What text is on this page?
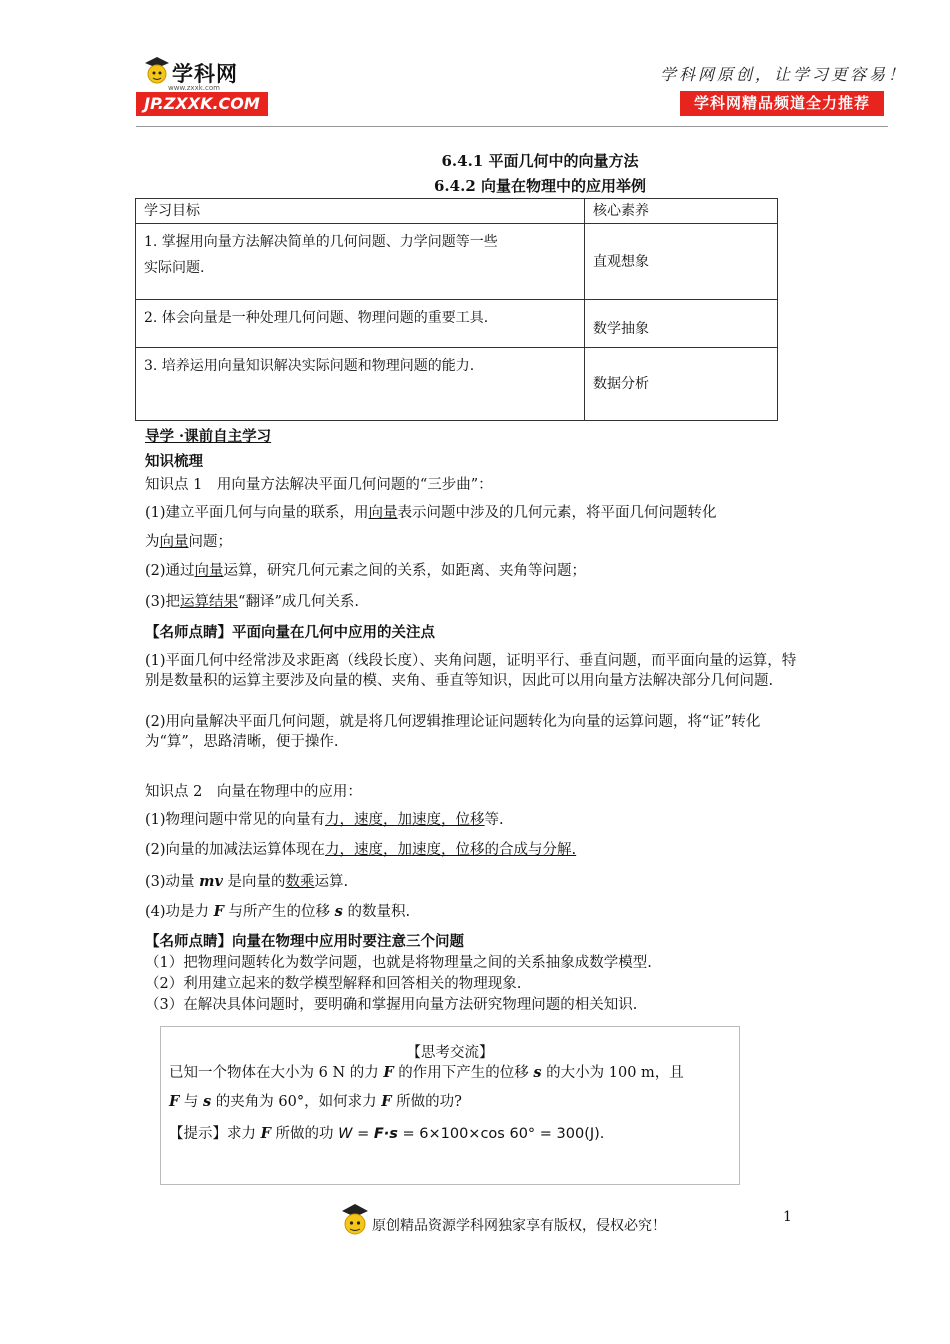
学科网
www.zxxk.com
JP.ZXXK.COM
学科网原创，让学习更容易！
学科网精品频道全力推荐
6.4.1 平面几何中的向量方法
6.4.2 向量在物理中的应用举例
学习目标	核心素养
1. 掌握用向量方法解决简单的几何问题、力学问题等一些
实际问题.	直观想象
2. 体会向量是一种处理几何问题、物理问题的重要工具.	数学抽象
3. 培养运用向量知识解决实际问题和物理问题的能力.	数据分析
导学 ·课前自主学习
知识梳理
知识点 1　用向量方法解决平面几何问题的“三步曲”：
(1)建立平面几何与向量的联系，用向量表示问题中涉及的几何元素，将平面几何问题转化
为向量问题；
(2)通过向量运算，研究几何元素之间的关系，如距离、夹角等问题；
(3)把运算结果“翻译”成几何关系.
【名师点睛】平面向量在几何中应用的关注点
(1)平面几何中经常涉及求距离（线段长度）、夹角问题，证明平行、垂直问题，而平面向量的运算，特别是数量积的运算主要涉及向量的模、夹角、垂直等知识，因此可以用向量方法解决部分几何问题.
(2)用向量解决平面几何问题，就是将几何逻辑推理论证问题转化为向量的运算问题，将“证”转化为“算”，思路清晰，便于操作.
知识点 2　向量在物理中的应用：
(1)物理问题中常见的向量有力，速度，加速度，位移等.
(2)向量的加减法运算体现在力，速度，加速度，位移的合成与分解.
(3)动量 mv 是向量的数乘运算.
(4)功是力 F 与所产生的位移 s 的数量积.
【名师点睛】向量在物理中应用时要注意三个问题
（1）把物理问题转化为数学问题，也就是将物理量之间的关系抽象成数学模型.
（2）利用建立起来的数学模型解释和回答相关的物理现象.
（3）在解决具体问题时，要明确和掌握用向量方法研究物理问题的相关知识.
【思考交流】
已知一个物体在大小为 6 N 的力 F 的作用下产生的位移 s 的大小为 100 m，且
F 与 s 的夹角为 60°，如何求力 F 所做的功?
【提示】求力 F 所做的功 W = F·s = 6×100×cos 60° = 300(J).
原创精品资源学科网独家享有版权，侵权必究！
1
